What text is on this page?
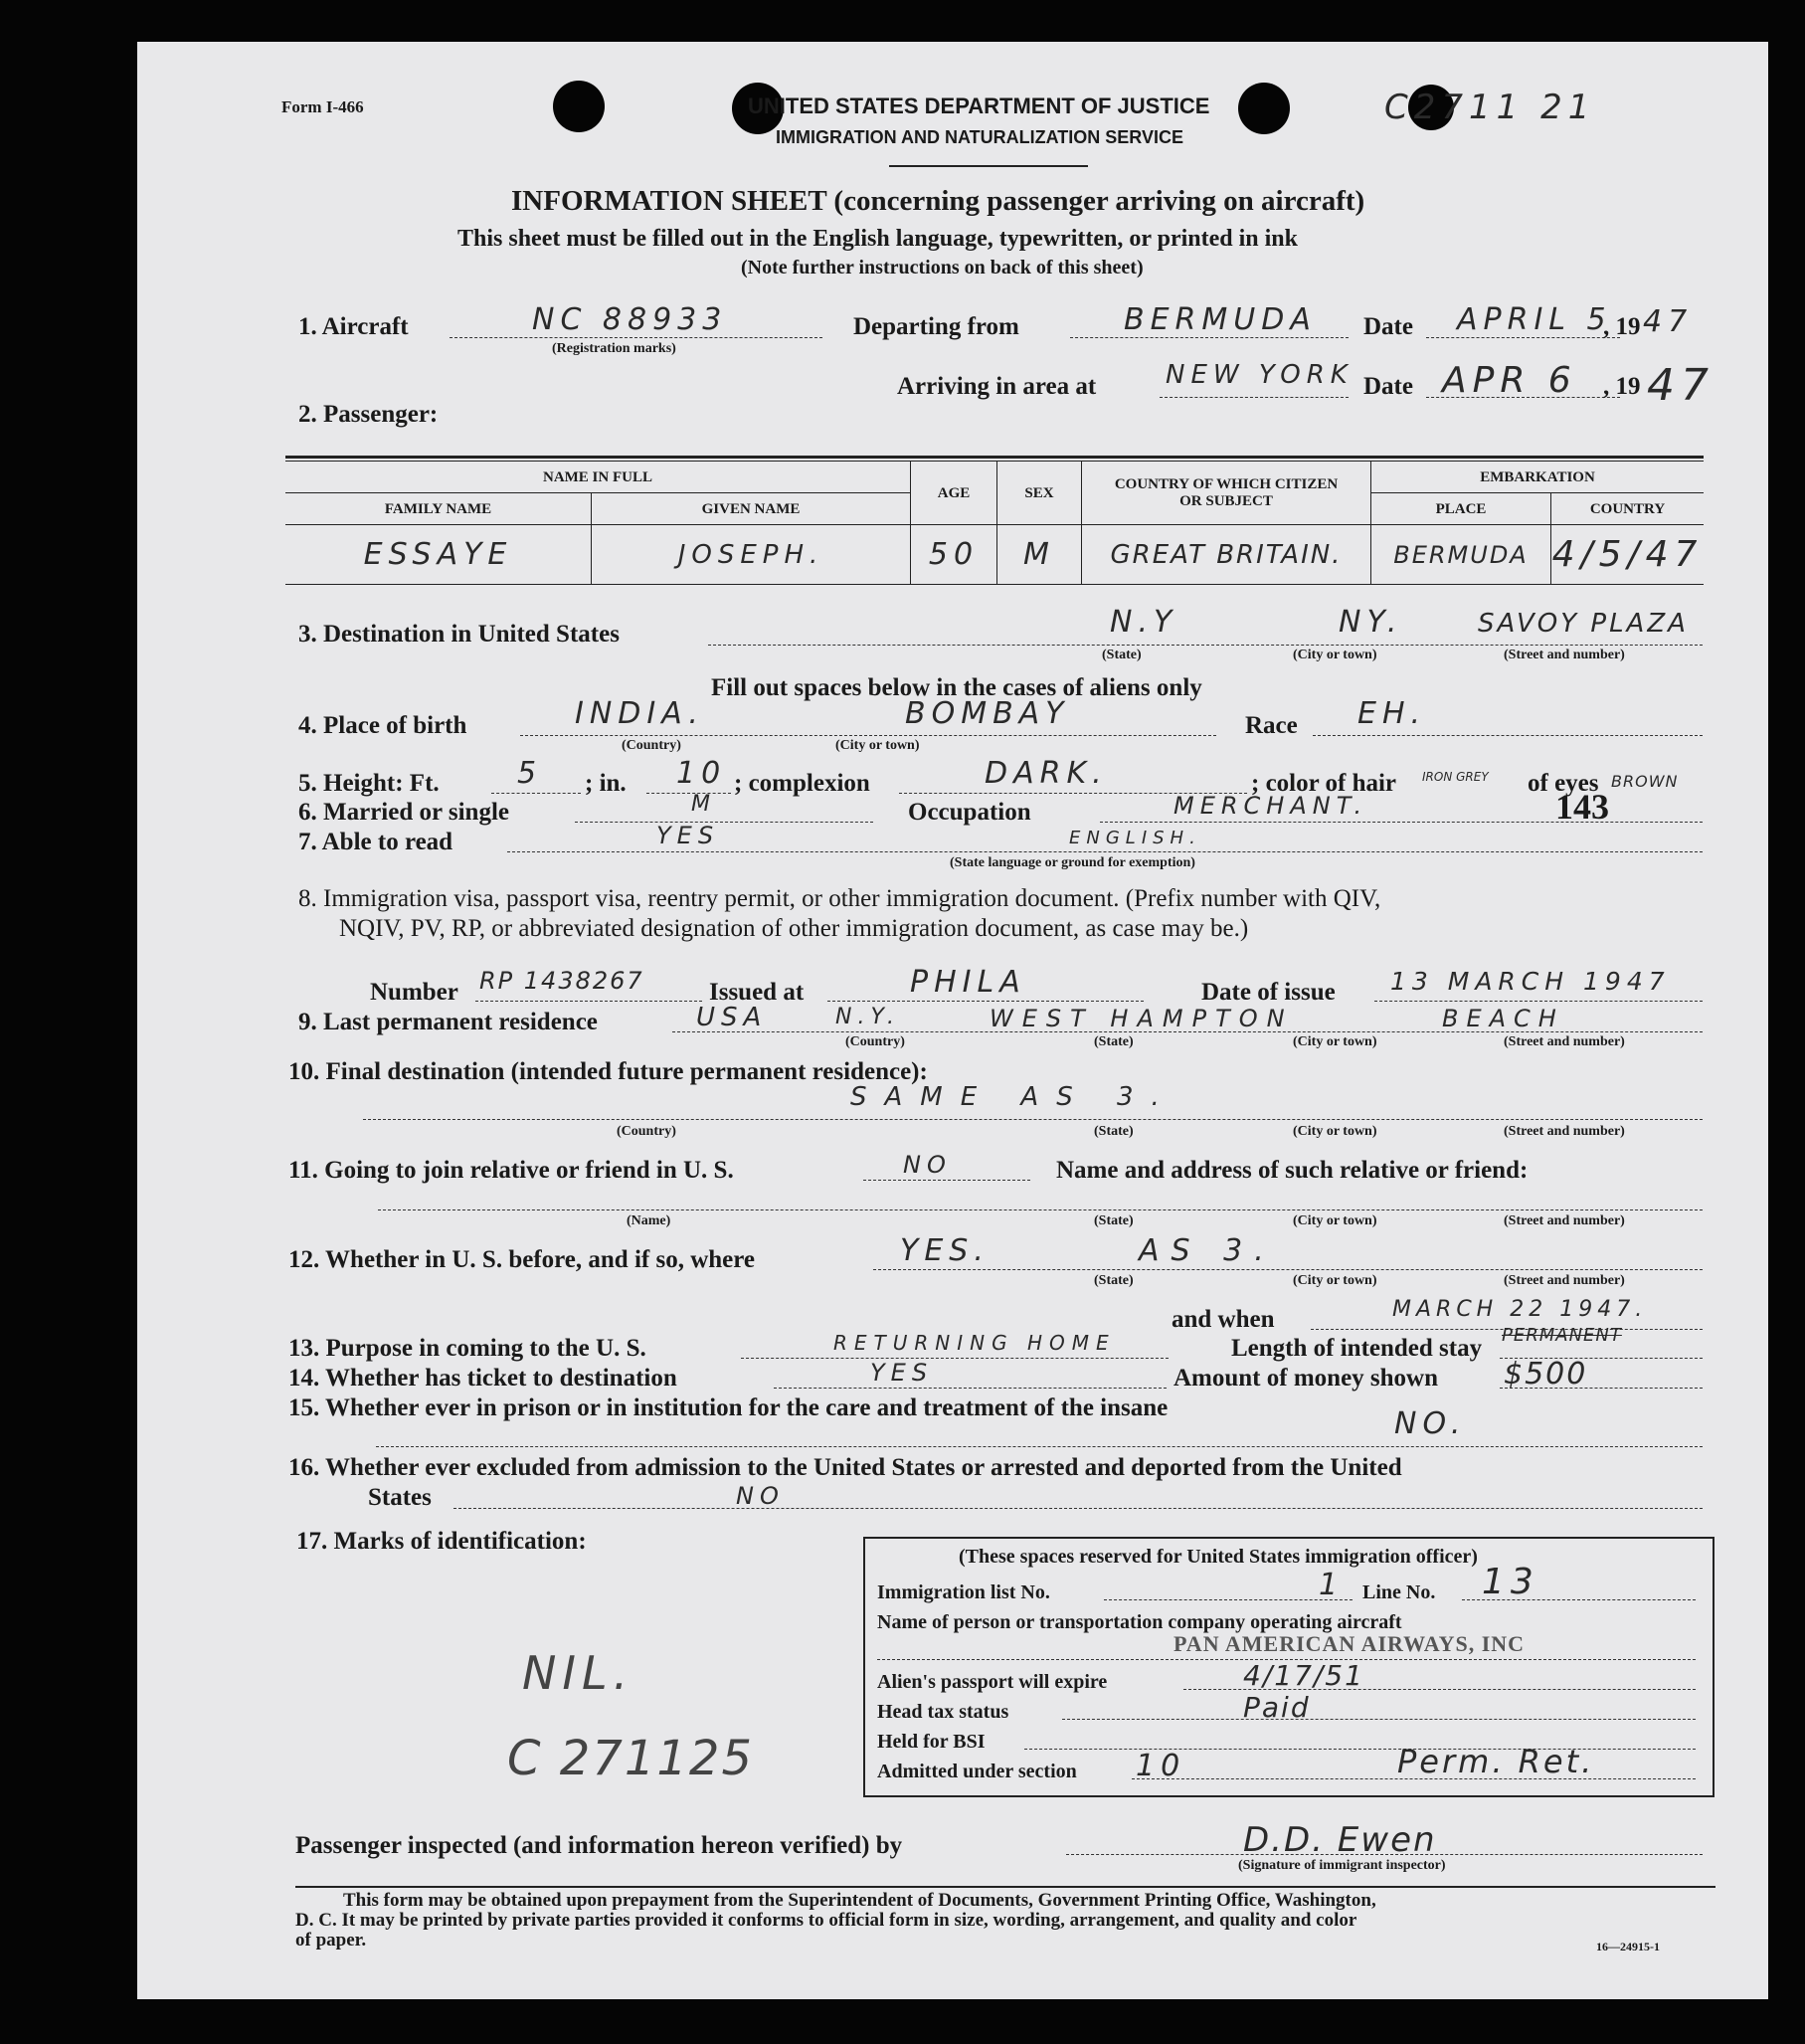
Form I-466	UNITED STATES DEPARTMENT OF JUSTICE
IMMIGRATION AND NATURALIZATION SERVICE
C2711 21
INFORMATION SHEET (concerning passenger arriving on aircraft)
This sheet must be filled out in the English language, typewritten, or printed in ink
(Note further instructions on back of this sheet)
1. Aircraft	NC 88933
(Registration marks)
Departing from	BERMUDA Date APRIL 5
, 19 47
Arriving in area at	NEW YORK Date APR 6 , 19 47
2. Passenger:
NAME IN FULL		AGE	SEX	COUNTRY OF WHICH CITIZEN OR SUBJECT	EMBARKATION	
FAMILY NAME	GIVEN NAME				PLACE	COUNTRY
ESSAYE	JOSEPH.	50	M	GREAT BRITAIN.	BERMUDA	4/5/47
3. Destination in United States	N.Y	NY.	SAVOY PLAZA
(State)	(City or town)	(Street and number)
Fill out spaces below in the cases of aliens only
4. Place of birth	INDIA.	BOMBAY
(Country)	(City or town)
Race EH.
5. Height: Ft.	5 ; in. 10 ; complexion	DARK.	; color of hair IRON GREY of eyes BROWN
6. Married or single	M	Occupation	MERCHANT.	143
7. Able to read	YES	ENGLISH.
(State language or ground for exemption)
8. Immigration visa, passport visa, reentry permit, or other immigration document. (Prefix number with QIV,
NQIV, PV, RP, or abbreviated designation of other immigration document, as case may be.)
Number RP 1438267	Issued at	PHILA	Date of issue 13 MARCH 1947
9. Last permanent residence	USA	N.Y.	WEST HAMPTON	BEACH
(Country)	(State)	(City or town)	(Street and number)
10. Final destination (intended future permanent residence):
SAME AS 3.
(Country)	(State)	(City or town)	(Street and number)
11. Going to join relative or friend in U. S.	NO	Name and address of such relative or friend:
(Name)	(State)	(City or town)	(Street and number)
12. Whether in U. S. before, and if so, where	YES.	AS 3.
(State)	(City or town)	(Street and number)
and when	MARCH 22 1947.
13. Purpose in coming to the U. S.	RETURNING HOME	Length of intended stay PERMANENT
14. Whether has ticket to destination	YES	Amount of money shown $500
15. Whether ever in prison or in institution for the care and treatment of the insane	NO.
16. Whether ever excluded from admission to the United States or arrested and deported from the United
States	NO
17. Marks of identification:
NIL.
C 271125
(These spaces reserved for United States immigration officer)
Immigration list No.	1 Line No. 13
Name of person or transportation company operating aircraft
PAN AMERICAN AIRWAYS, INC
Alien's passport will expire	4/17/51
Head tax status	Paid
Held for BSI
Admitted under section 10	Perm. Ret.
Passenger inspected (and information hereon verified) by	D.D. Ewen
(Signature of immigrant inspector)
This form may be obtained upon prepayment from the Superintendent of Documents, Government Printing Office, Washington,
D. C. It may be printed by private parties provided it conforms to official form in size, wording, arrangement, and quality and color
of paper.	16—24915-1
